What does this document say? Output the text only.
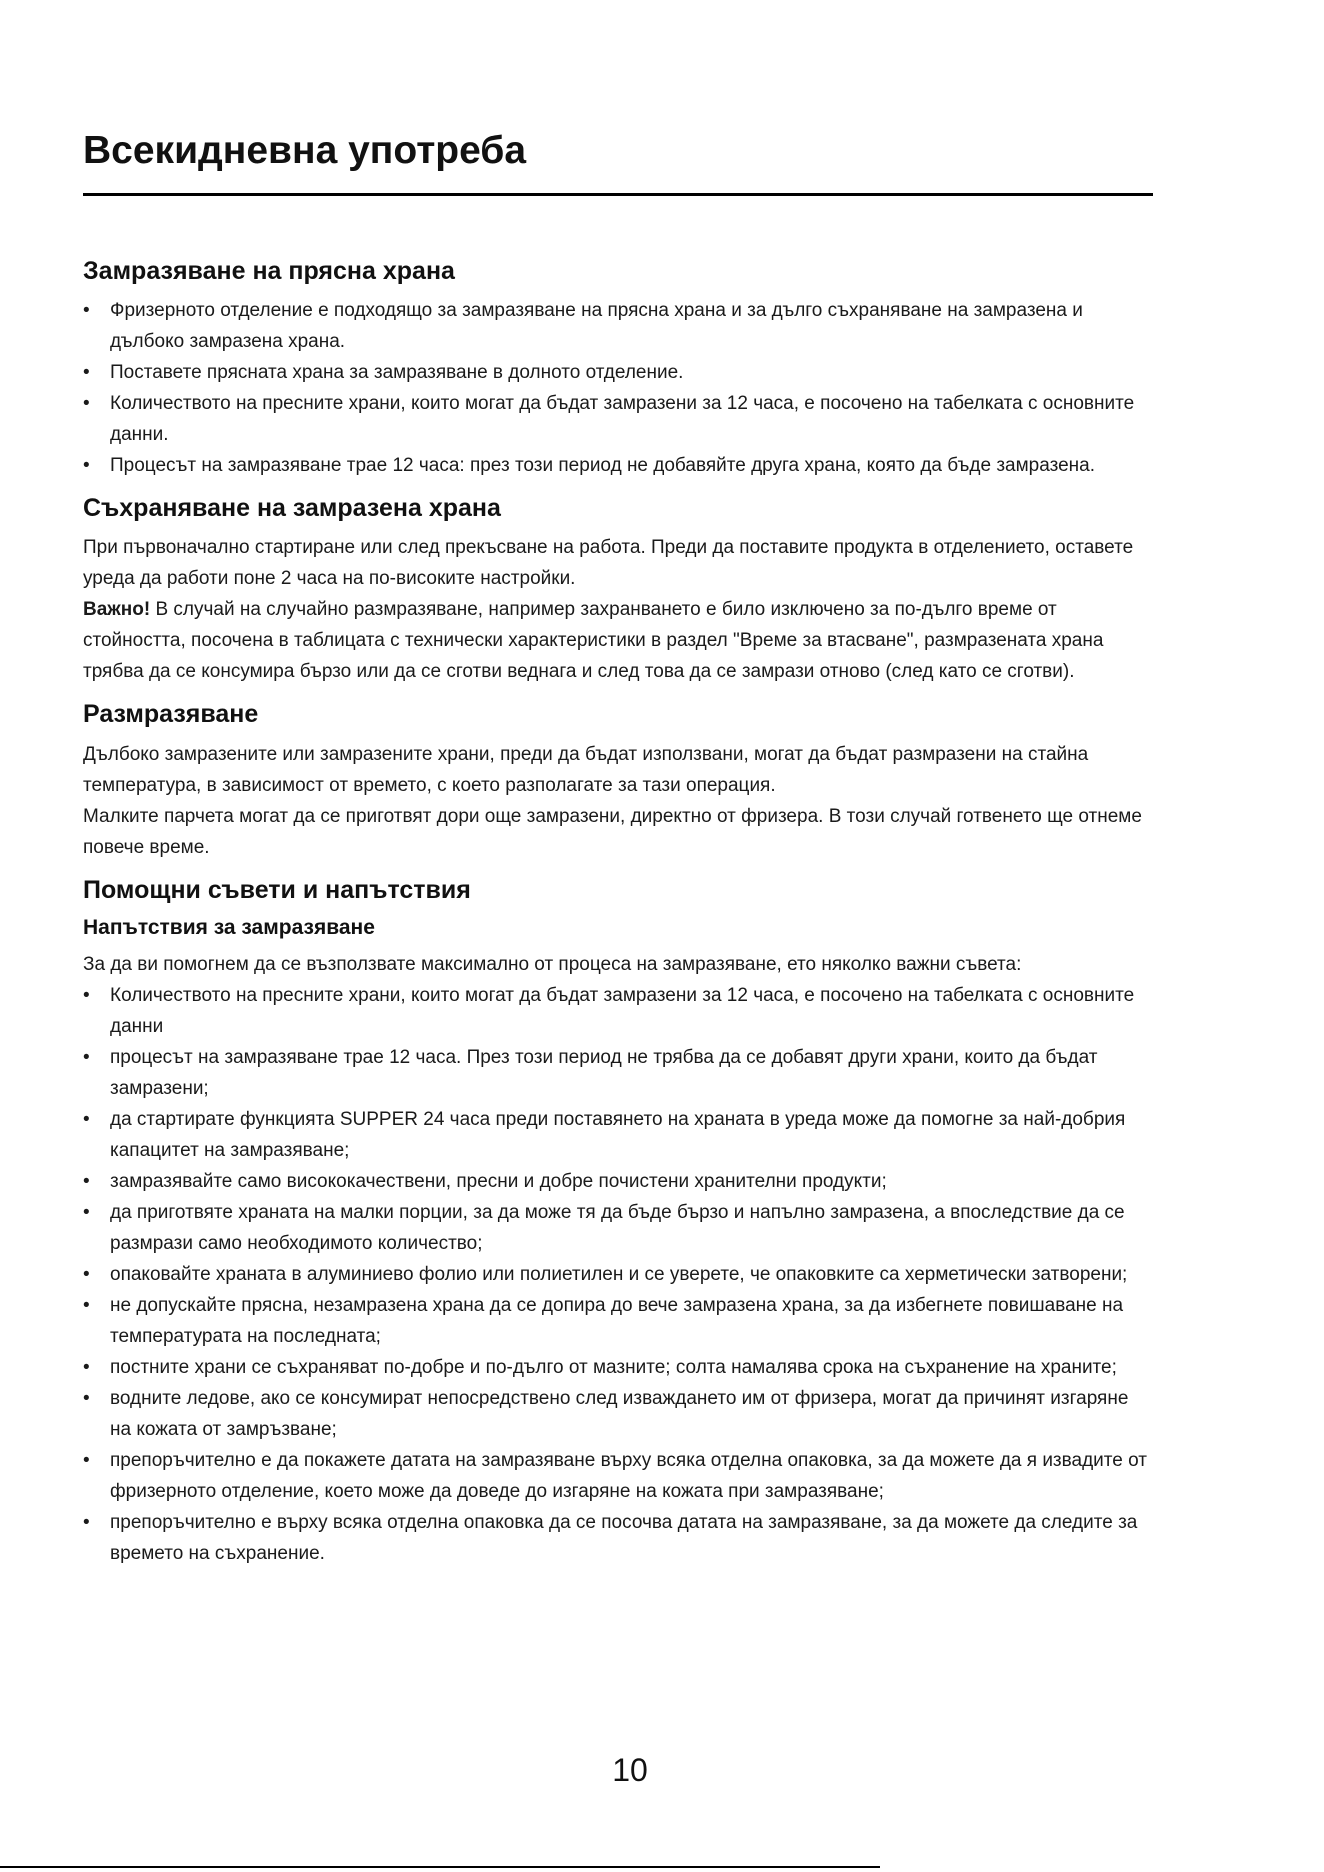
Всекидневна употреба
Замразяване на прясна храна
• Фризерното отделение е подходящо за замразяване на прясна храна и за дълго съхраняване на замразена и дълбоко замразена храна.
• Поставете прясната храна за замразяване в долното отделение.
• Количеството на пресните храни, които могат да бъдат замразени за 12 часа, е посочено на табелката с основните данни.
• Процесът на замразяване трае 12 часа: през този период не добавяйте друга храна, която да бъде замразена.
Съхраняване на замразена храна

При първоначално стартиране или след прекъсване на работа. Преди да поставите продукта в отделението, оставете уреда да работи поне 2 часа на по-високите настройки.

Важно! В случай на случайно размразяване, например захранването е било изключено за по-дълго време от стойността, посочена в таблицата с технически характеристики в раздел "Време за втасване", размразената храна трябва да се консумира бързо или да се сготви веднага и след това да се замрази отново (след като се сготви).

Размразяване

Дълбоко замразените или замразените храни, преди да бъдат използвани, могат да бъдат размразени на стайна температура, в зависимост от времето, с което разполагате за тази операция.

Малките парчета могат да се приготвят дори още замразени, директно от фризера. В този случай готвенето ще отнеме повече време.

Помощни съвети и напътствия
Напътствия за замразяване

За да ви помогнем да се възползвате максимално от процеса на замразяване, ето няколко важни съвета:

• Количеството на пресните храни, които могат да бъдат замразени за 12 часа, е посочено на табелката с основните данни
• процесът на замразяване трае 12 часа. През този период не трябва да се добавят други храни, които да бъдат замразени;
• да стартирате функцията SUPPER 24 часа преди поставянето на храната в уреда може да помогне за най-добрия капацитет на замразяване;
• замразявайте само висококачествени, пресни и добре почистени хранителни продукти;
• да приготвяте храната на малки порции, за да може тя да бъде бързо и напълно замразена, а впоследствие да се размрази само необходимото количество;
• опаковайте храната в алуминиево фолио или полиетилен и се уверете, че опаковките са херметически затворени;
• не допускайте прясна, незамразена храна да се допира до вече замразена храна, за да избегнете повишаване на температурата на последната;
• постните храни се съхраняват по-добре и по-дълго от мазните; солта намалява срока на съхранение на храните;
• водните ледове, ако се консумират непосредствено след изваждането им от фризера, могат да причинят изгаряне на кожата от замръзване;
• препоръчително е да покажете датата на замразяване върху всяка отделна опаковка, за да можете да я извадите от фризерното отделение, което може да доведе до изгаряне на кожата при замразяване;
• препоръчително е върху всяка отделна опаковка да се посочва датата на замразяване, за да можете да следите за времето на съхранение.
10
